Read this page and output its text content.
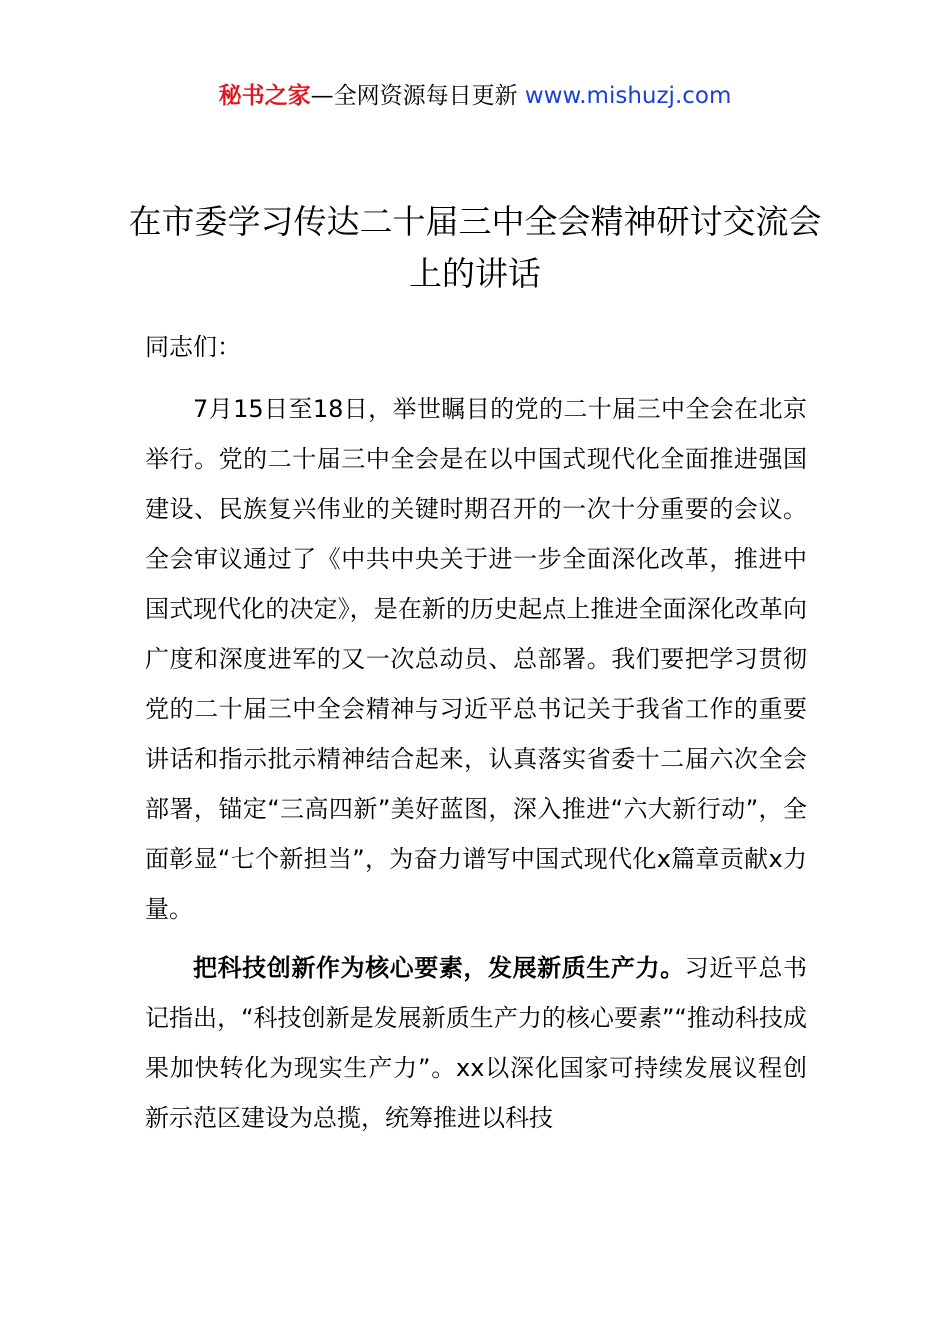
秘书之家—全网资源每日更新 www.mishuzj.com
在市委学习传达二十届三中全会精神研讨交流会上的讲话

同志们：

7月15日至18日，举世瞩目的党的二十届三中全会在北京举行。党的二十届三中全会是在以中国式现代化全面推进强国建设、民族复兴伟业的关键时期召开的一次十分重要的会议。全会审议通过了《中共中央关于进一步全面深化改革，推进中国式现代化的决定》，是在新的历史起点上推进全面深化改革向广度和深度进军的又一次总动员、总部署。我们要把学习贯彻党的二十届三中全会精神与习近平总书记关于我省工作的重要讲话和指示批示精神结合起来，认真落实省委十二届六次全会部署，锚定“三高四新”美好蓝图，深入推进“六大新行动”，全面彰显“七个新担当”，为奋力谱写中国式现代化x篇章贡献x力量。

把科技创新作为核心要素，发展新质生产力。习近平总书记指出，“科技创新是发展新质生产力的核心要素”“推动科技成果加快转化为现实生产力”。xx以深化国家可持续发展议程创新示范区建设为总揽，统筹推进以科技
